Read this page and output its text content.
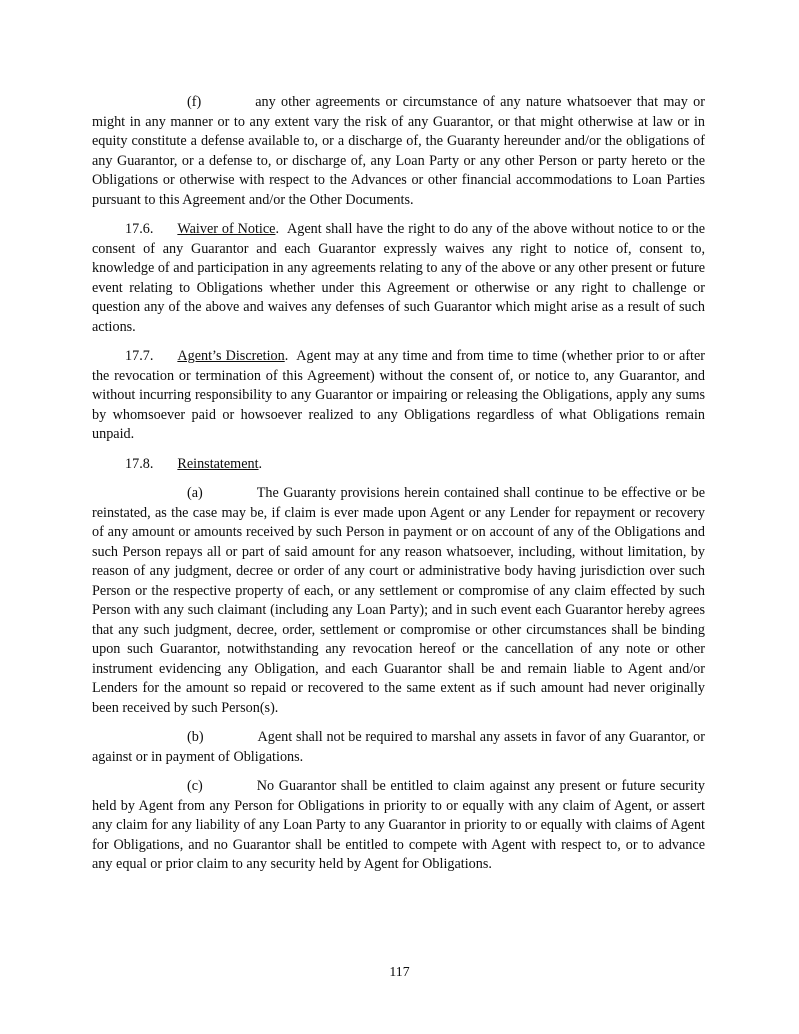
(f)	any other agreements or circumstance of any nature whatsoever that may or might in any manner or to any extent vary the risk of any Guarantor, or that might otherwise at law or in equity constitute a defense available to, or a discharge of, the Guaranty hereunder and/or the obligations of any Guarantor, or a defense to, or discharge of, any Loan Party or any other Person or party hereto or the Obligations or otherwise with respect to the Advances or other financial accommodations to Loan Parties pursuant to this Agreement and/or the Other Documents.

17.6. Waiver of Notice. Agent shall have the right to do any of the above without notice to or the consent of any Guarantor and each Guarantor expressly waives any right to notice of, consent to, knowledge of and participation in any agreements relating to any of the above or any other present or future event relating to Obligations whether under this Agreement or otherwise or any right to challenge or question any of the above and waives any defenses of such Guarantor which might arise as a result of such actions.

17.7. Agent’s Discretion. Agent may at any time and from time to time (whether prior to or after the revocation or termination of this Agreement) without the consent of, or notice to, any Guarantor, and without incurring responsibility to any Guarantor or impairing or releasing the Obligations, apply any sums by whomsoever paid or howsoever realized to any Obligations regardless of what Obligations remain unpaid.

17.8. Reinstatement.

(a)	The Guaranty provisions herein contained shall continue to be effective or be reinstated, as the case may be, if claim is ever made upon Agent or any Lender for repayment or recovery of any amount or amounts received by such Person in payment or on account of any of the Obligations and such Person repays all or part of said amount for any reason whatsoever, including, without limitation, by reason of any judgment, decree or order of any court or administrative body having jurisdiction over such Person or the respective property of each, or any settlement or compromise of any claim effected by such Person with any such claimant (including any Loan Party); and in such event each Guarantor hereby agrees that any such judgment, decree, order, settlement or compromise or other circumstances shall be binding upon such Guarantor, notwithstanding any revocation hereof or the cancellation of any note or other instrument evidencing any Obligation, and each Guarantor shall be and remain liable to Agent and/or Lenders for the amount so repaid or recovered to the same extent as if such amount had never originally been received by such Person(s).

(b)	Agent shall not be required to marshal any assets in favor of any Guarantor, or against or in payment of Obligations.

(c)	No Guarantor shall be entitled to claim against any present or future security held by Agent from any Person for Obligations in priority to or equally with any claim of Agent, or assert any claim for any liability of any Loan Party to any Guarantor in priority to or equally with claims of Agent for Obligations, and no Guarantor shall be entitled to compete with Agent with respect to, or to advance any equal or prior claim to any security held by Agent for Obligations.

117
